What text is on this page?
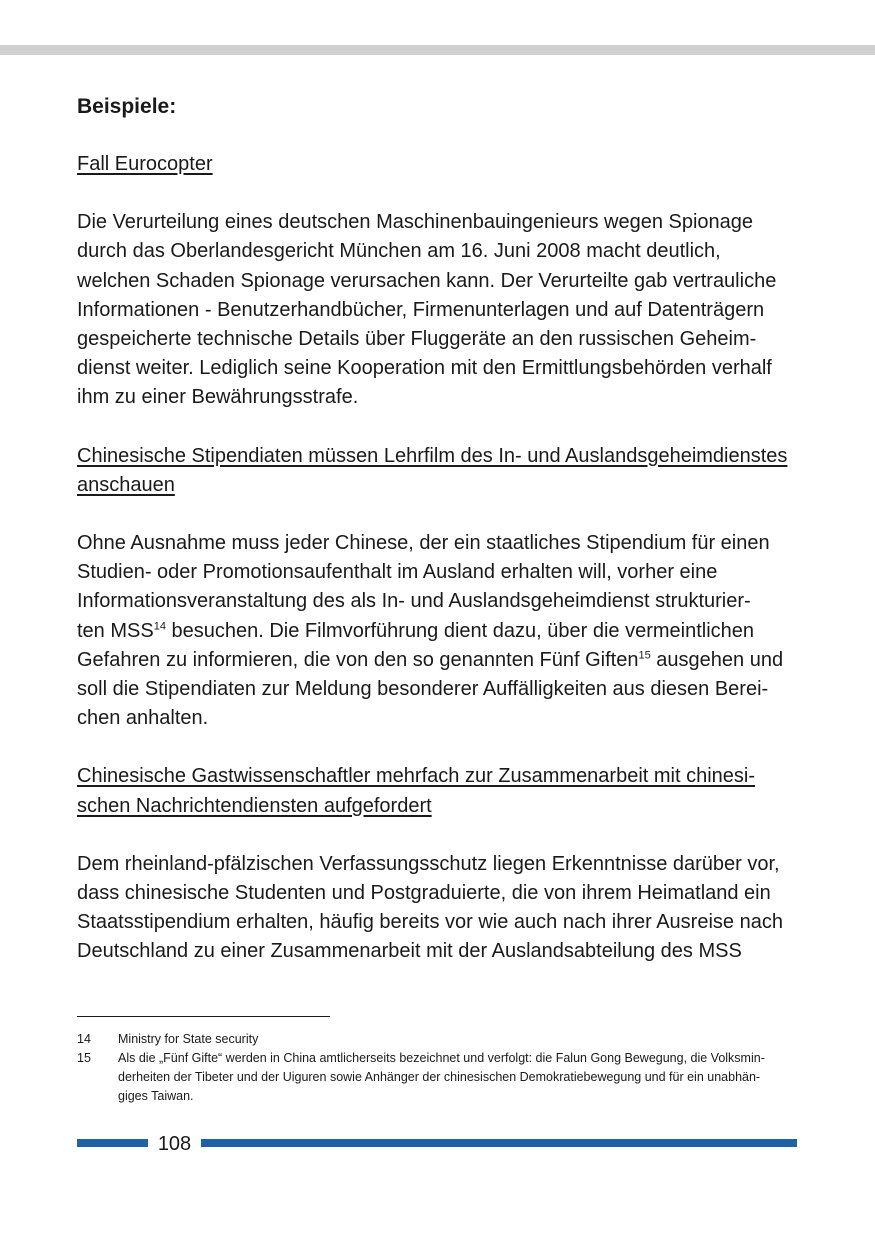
Beispiele:

Fall Eurocopter

Die Verurteilung eines deutschen Maschinenbauingenieurs wegen Spionage
durch das Oberlandesgericht München am 16. Juni 2008 macht deutlich,
welchen Schaden Spionage verursachen kann. Der Verurteilte gab vertrauliche
Informationen - Benutzerhandbücher, Firmenunterlagen und auf Datenträgern
gespeicherte technische Details über Fluggeräte an den russischen Geheim-
dienst weiter. Lediglich seine Kooperation mit den Ermittlungsbehörden verhalf
ihm zu einer Bewährungsstrafe.
Chinesische Stipendiaten müssen Lehrfilm des In- und Auslandsgeheimdienstes
anschauen
Ohne Ausnahme muss jeder Chinese, der ein staatliches Stipendium für einen
Studien- oder Promotionsaufenthalt im Ausland erhalten will, vorher eine
Informationsveranstaltung des als In- und Auslandsgeheimdienst strukturier-
ten MSS$^{14}$ besuchen. Die Filmvorführung dient dazu, über die vermeintlichen
Gefahren zu informieren, die von den so genannten Fünf Giften$^{15}$ ausgehen und
soll die Stipendiaten zur Meldung besonderer Auffälligkeiten aus diesen Berei-
chen anhalten.
Chinesische Gastwissenschaftler mehrfach zur Zusammenarbeit mit chinesi-
schen Nachrichtendiensten aufgefordert
Dem rheinland-pfälzischen Verfassungsschutz liegen Erkenntnisse darüber vor,
dass chinesische Studenten und Postgraduierte, die von ihrem Heimatland ein
Staatsstipendium erhalten, häufig bereits vor wie auch nach ihrer Ausreise nach
Deutschland zu einer Zusammenarbeit mit der Auslandsabteilung des MSS
14	Ministry for State security
15	Als die „Fünf Gifte“ werden in China amtlicherseits bezeichnet und verfolgt: die Falun Gong Bewegung, die Volksmin-
derheiten der Tibeter und der Uiguren sowie Anhänger der chinesischen Demokratiebewegung und für ein unabhän-
giges Taiwan.
108
